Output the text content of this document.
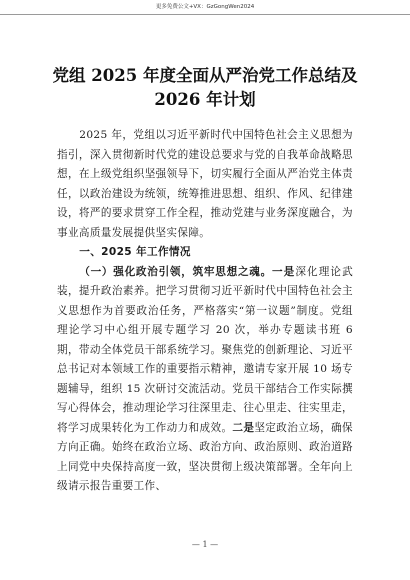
更多免费公文+VX：GzGongWen2024
党组 2025 年度全面从严治党工作总结及
2026 年计划

2025 年，党组以习近平新时代中国特色社会主义思想为指引，深入贯彻新时代党的建设总要求与党的自我革命战略思想，在上级党组织坚强领导下，切实履行全面从严治党主体责任，以政治建设为统领，统筹推进思想、组织、作风、纪律建设，将严的要求贯穿工作全程，推动党建与业务深度融合，为事业高质量发展提供坚实保障。

一、2025 年工作情况

（一）强化政治引领，筑牢思想之魂。一是深化理论武装，提升政治素养。把学习贯彻习近平新时代中国特色社会主义思想作为首要政治任务，严格落实“第一议题”制度。党组理论学习中心组开展专题学习 20 次，举办专题读书班 6 期，带动全体党员干部系统学习。聚焦党的创新理论、习近平总书记对本领域工作的重要指示精神，邀请专家开展 10 场专题辅导，组织 15 次研讨交流活动。党员干部结合工作实际撰写心得体会，推动理论学习往深里走、往心里走、往实里走，将学习成果转化为工作动力和成效。二是坚定政治立场，确保方向正确。始终在政治立场、政治方向、政治原则、政治道路上同党中央保持高度一致，坚决贯彻上级决策部署。全年向上级请示报告重要工作、

— 1 —
